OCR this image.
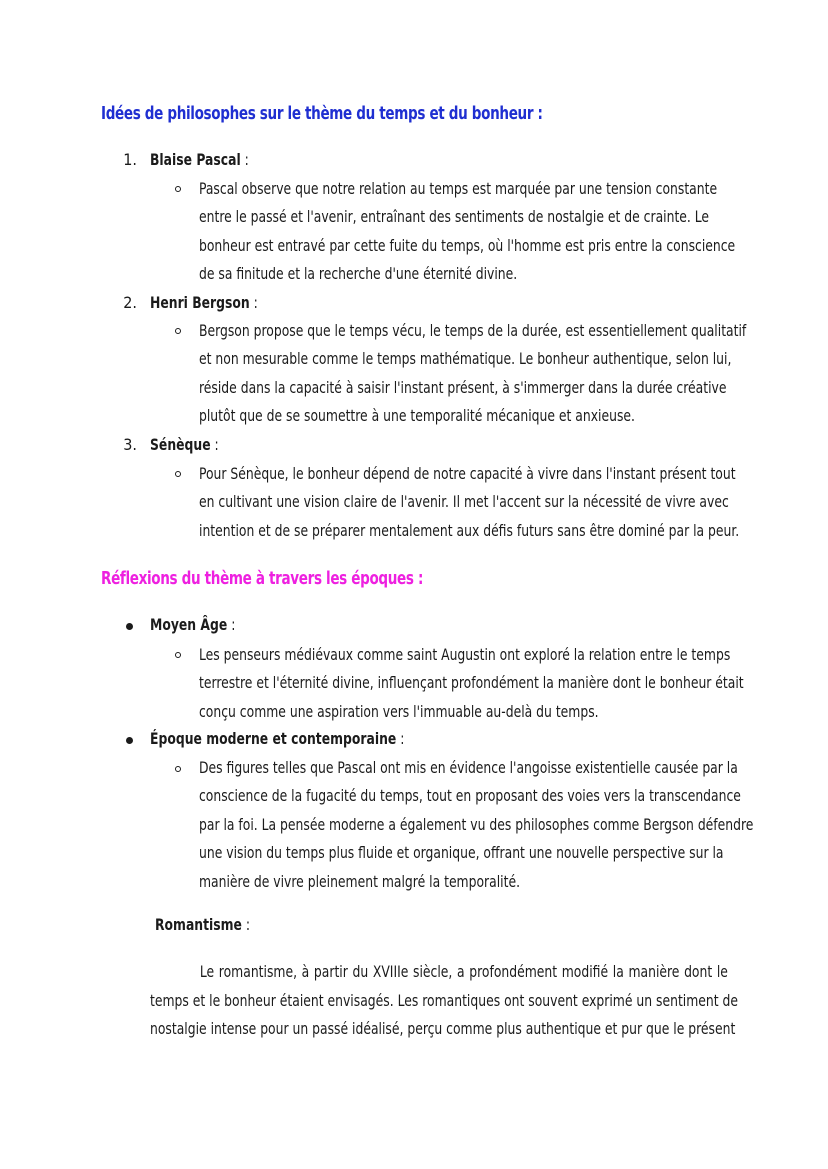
Idées de philosophes sur le thème du temps et du bonheur :
1. Blaise Pascal :
Pascal observe que notre relation au temps est marquée par une tension constante
entre le passé et l'avenir, entraînant des sentiments de nostalgie et de crainte. Le
bonheur est entravé par cette fuite du temps, où l'homme est pris entre la conscience
de sa finitude et la recherche d'une éternité divine.
2. Henri Bergson :
Bergson propose que le temps vécu, le temps de la durée, est essentiellement qualitatif
et non mesurable comme le temps mathématique. Le bonheur authentique, selon lui,
réside dans la capacité à saisir l'instant présent, à s'immerger dans la durée créative
plutôt que de se soumettre à une temporalité mécanique et anxieuse.
3. Sénèque :
Pour Sénèque, le bonheur dépend de notre capacité à vivre dans l'instant présent tout
en cultivant une vision claire de l'avenir. Il met l'accent sur la nécessité de vivre avec
intention et de se préparer mentalement aux défis futurs sans être dominé par la peur.
Réflexions du thème à travers les époques :
Moyen Âge :
Les penseurs médiévaux comme saint Augustin ont exploré la relation entre le temps
terrestre et l'éternité divine, influençant profondément la manière dont le bonheur était
conçu comme une aspiration vers l'immuable au-delà du temps.
Époque moderne et contemporaine :
Des figures telles que Pascal ont mis en évidence l'angoisse existentielle causée par la
conscience de la fugacité du temps, tout en proposant des voies vers la transcendance
par la foi. La pensée moderne a également vu des philosophes comme Bergson défendre
une vision du temps plus fluide et organique, offrant une nouvelle perspective sur la
manière de vivre pleinement malgré la temporalité.
Romantisme :
Le romantisme, à partir du XVIIIe siècle, a profondément modifié la manière dont le
temps et le bonheur étaient envisagés. Les romantiques ont souvent exprimé un sentiment de
nostalgie intense pour un passé idéalisé, perçu comme plus authentique et pur que le présent
